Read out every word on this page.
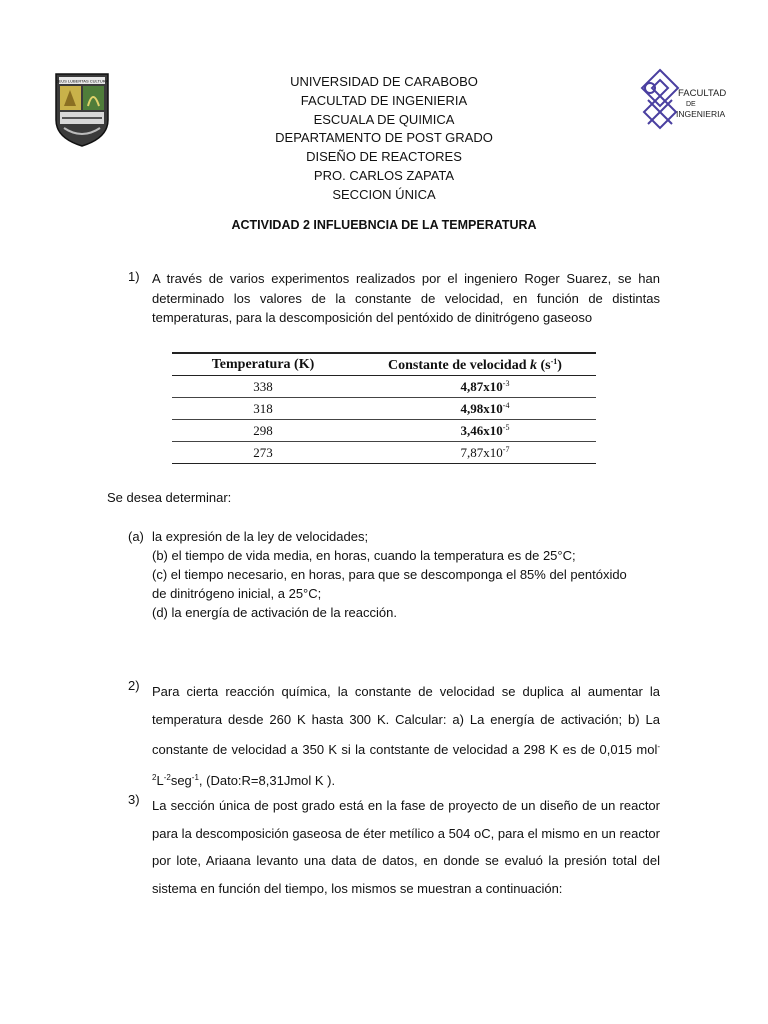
DEUS LUBERTAS CULTURA
FACULTAD
DE
INGENIERIA
UNIVERSIDAD DE CARABOBO
FACULTAD DE INGENIERIA
ESCUALA DE QUIMICA
DEPARTAMENTO DE POST GRADO
DISEÑO DE REACTORES
PRO. CARLOS ZAPATA
SECCION ÚNICA
ACTIVIDAD 2 INFLUEBNCIA DE LA TEMPERATURA
1) A través de varios experimentos realizados por el ingeniero Roger Suarez, se han determinado los valores de la constante de velocidad, en función de distintas temperaturas, para la descomposición del pentóxido de dinitrógeno gaseoso
Temperatura (K)	Constante de velocidad k $(s^{-1})$
338	$4,87x10^{-3}$
318	$4,98x10^{-4}$
298	$3,46x10^{-5}$
273	$7,87x10^{-7}$
Se desea determinar:
(a) la expresión de la ley de velocidades;
(b) el tiempo de vida media, en horas, cuando la temperatura es de 25°C;
(c) el tiempo necesario, en horas, para que se descomponga el 85% del pentóxido
de dinitrógeno inicial, a 25°C;
(d) la energía de activación de la reacción.
2) Para cierta reacción química, la constante de velocidad se duplica al aumentar la temperatura desde 260 K hasta 300 K. Calcular: a) La energía de activación; b) La constante de velocidad a 350 K si la contstante de velocidad a 298 K es de 0,015 $mol^{-2}L^{-2}seg^{-1}$, (Dato:R=8,31Jmol K ).
3) La sección única de post grado está en la fase de proyecto de un diseño de un reactor para la descomposición gaseosa de éter metílico a 504 oC, para el mismo en un reactor por lote, Ariaana levanto una data de datos, en donde se evaluó la presión total del sistema en función del tiempo, los mismos se muestran a continuación:
